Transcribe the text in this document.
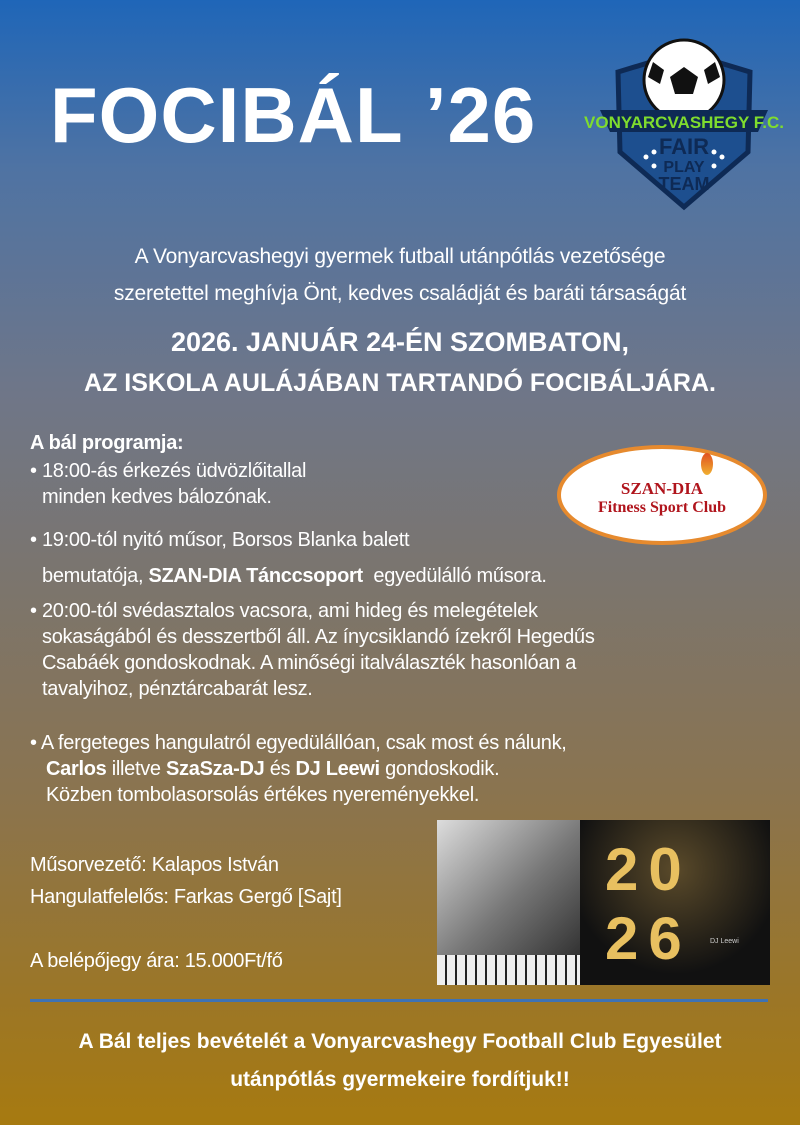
FOCIBÁL ’26	VONYARCVASHEGY F.C.
FAIR
PLAY
TEAM
A Vonyarcvashegyi gyermek futball utánpótlás vezetősége
szeretettel meghívja Önt, kedves családját és baráti társaságát
2026. JANUÁR 24-ÉN SZOMBATON,
AZ ISKOLA AULÁJÁBAN TARTANDÓ FOCIBÁLJÁRA.
A bál programja:
• 18:00-ás érkezés üdvözlőitallal
minden kedves bálozónak.
• 19:00-tól nyitó műsor, Borsos Blanka balett
bemutatója, SZAN-DIA Tánccsoport  egyedülálló műsora.
• 20:00-tól svédasztalos vacsora, ami hideg és melegételek
sokaságából és desszertből áll. Az ínycsiklandó ízekről Hegedűs
Csabáék gondoskodnak. A minőségi italválaszték hasonlóan a
tavalyihoz, pénztárcabarát lesz.
• A fergeteges hangulatról egyedülállóan, csak most és nálunk,
Carlos illetve SzaSza-DJ és DJ Leewi gondoskodik.
Közben tombolasorsolás értékes nyereményekkel.
SZAN-DIA
Fitness Sport Club
Műsorvezető: Kalapos István
Hangulatfelelős: Farkas Gergő [Sajt]
A belépőjegy ára: 15.000Ft/fő
20 26	DJ Leewi
A Bál teljes bevételét a Vonyarcvashegy Football Club Egyesület
utánpótlás gyermekeire fordítjuk!!
